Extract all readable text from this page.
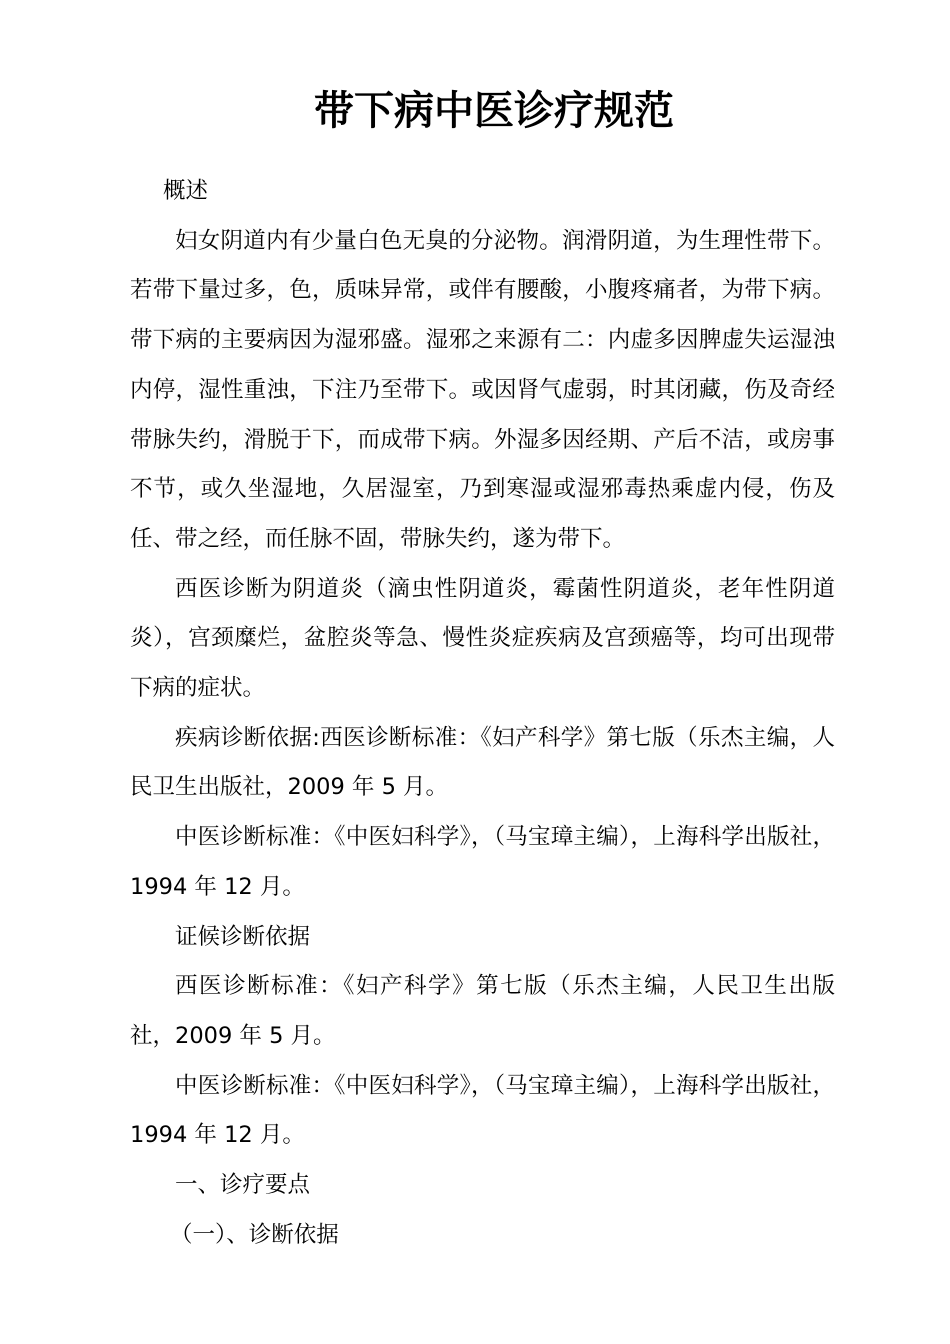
带下病中医诊疗规范

概述

妇女阴道内有少量白色无臭的分泌物。润滑阴道，为生理性带下。若带下量过多，色，质味异常，或伴有腰酸，小腹疼痛者，为带下病。带下病的主要病因为湿邪盛。湿邪之来源有二：内虚多因脾虚失运湿浊内停，湿性重浊，下注乃至带下。或因肾气虚弱，时其闭藏，伤及奇经带脉失约，滑脱于下，而成带下病。外湿多因经期、产后不洁，或房事不节，或久坐湿地，久居湿室，乃到寒湿或湿邪毒热乘虚内侵，伤及任、带之经，而任脉不固，带脉失约，遂为带下。

西医诊断为阴道炎（滴虫性阴道炎，霉菌性阴道炎，老年性阴道炎），宫颈糜烂，盆腔炎等急、慢性炎症疾病及宫颈癌等，均可出现带下病的症状。

疾病诊断依据:西医诊断标准：《妇产科学》第七版（乐杰主编，人民卫生出版社，2009 年 5 月。

中医诊断标准：《中医妇科学》，（马宝璋主编），上海科学出版社，1994 年 12 月。

证候诊断依据

西医诊断标准：《妇产科学》第七版（乐杰主编，人民卫生出版社，2009 年 5 月。

中医诊断标准：《中医妇科学》，（马宝璋主编），上海科学出版社，1994 年 12 月。

一、诊疗要点

（一）、诊断依据
